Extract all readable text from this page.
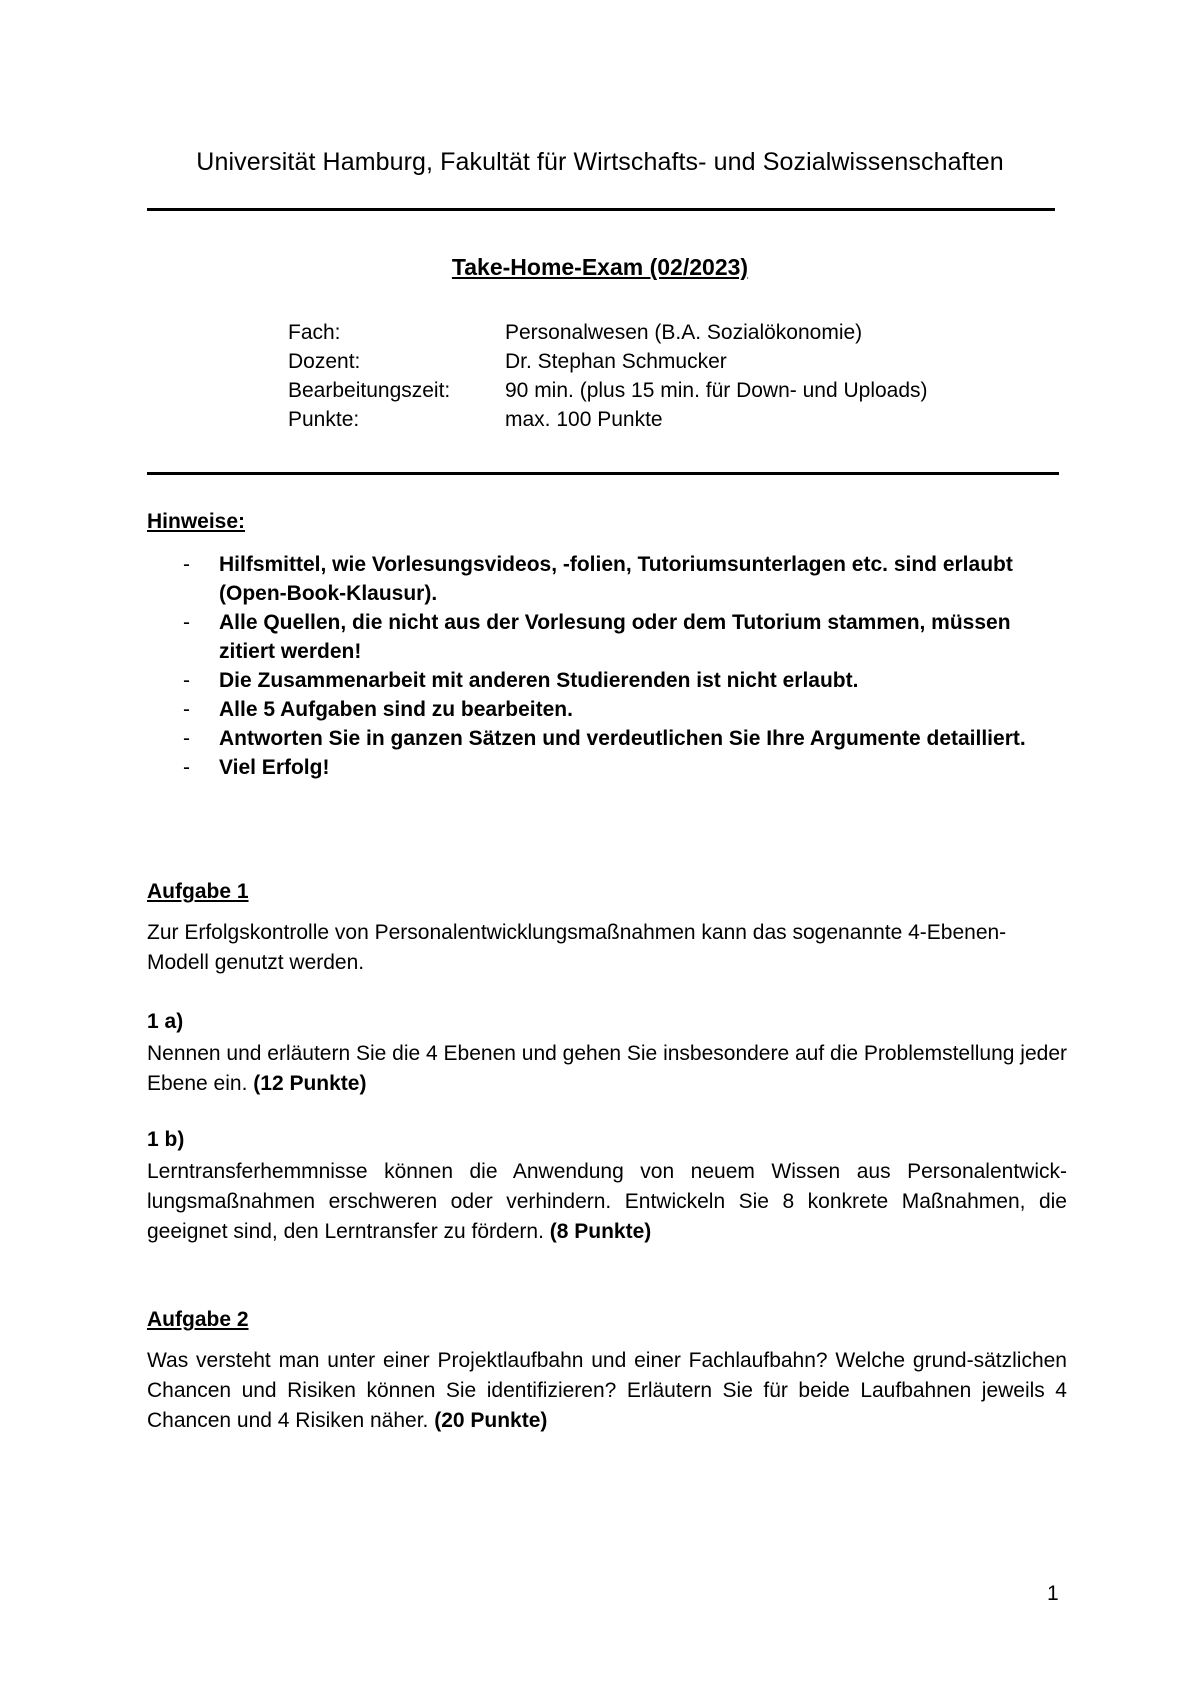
Universität Hamburg, Fakultät für Wirtschafts- und Sozialwissenschaften
Take-Home-Exam (02/2023)
Fach:	Personalwesen (B.A. Sozialökonomie)
Dozent:	Dr. Stephan Schmucker
Bearbeitungszeit:	90 min. (plus 15 min. für Down- und Uploads)
Punkte:	max. 100 Punkte
Hinweise:
- Hilfsmittel, wie Vorlesungsvideos, -folien, Tutoriumsunterlagen etc. sind erlaubt (Open-Book-Klausur).
- Alle Quellen, die nicht aus der Vorlesung oder dem Tutorium stammen, müssen zitiert werden!
- Die Zusammenarbeit mit anderen Studierenden ist nicht erlaubt.
- Alle 5 Aufgaben sind zu bearbeiten.
- Antworten Sie in ganzen Sätzen und verdeutlichen Sie Ihre Argumente detailliert.
- Viel Erfolg!
Aufgabe 1
Zur Erfolgskontrolle von Personalentwicklungsmaßnahmen kann das sogenannte 4-Ebenen-Modell genutzt werden.
1 a)
Nennen und erläutern Sie die 4 Ebenen und gehen Sie insbesondere auf die Problemstellung jeder Ebene ein. (12 Punkte)
1 b)
Lerntransferhemmnisse können die Anwendung von neuem Wissen aus Personalentwick-lungsmaßnahmen erschweren oder verhindern. Entwickeln Sie 8 konkrete Maßnahmen, die geeignet sind, den Lerntransfer zu fördern. (8 Punkte)
Aufgabe 2
Was versteht man unter einer Projektlaufbahn und einer Fachlaufbahn? Welche grund-sätzlichen Chancen und Risiken können Sie identifizieren? Erläutern Sie für beide Laufbahnen jeweils 4 Chancen und 4 Risiken näher. (20 Punkte)
1
